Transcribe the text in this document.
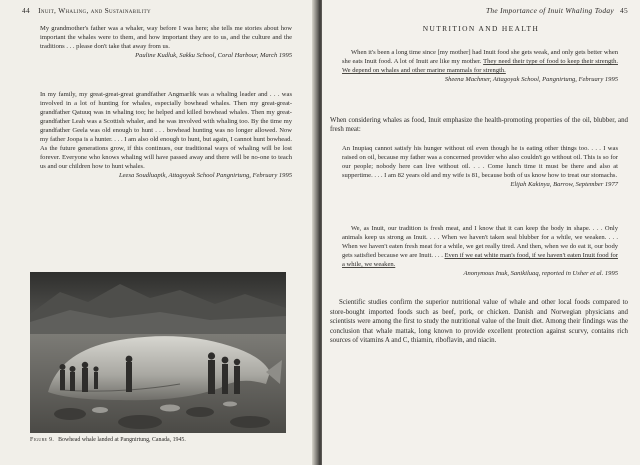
44 Inuit, Whaling, and Sustainability

My grandmother's father was a whaler, way before I was here; she tells me stories about how important the whales were to them, and how important they are to us, and the culture and the traditions . . . please don't take that away from us.

Pauline Kudluk, Sakku School, Coral Harbour, March 1995

In my family, my great-great-great grandfather Angmarlik was a whaling leader and . . . was involved in a lot of hunting for whales, especially bowhead whales. Then my great-great-grandfather Qatuuq was in whaling too; he helped and killed bowhead whales. Then my great-grandfather Leah was a Scottish whaler, and he was involved with whaling too. By the time my grandfather Geela was old enough to hunt . . . bowhead hunting was no longer allowed. Now my father Joopa is a hunter. . . . I am also old enough to hunt, but again, I cannot hunt bowhead. As the future generations grow, if this continues, our traditional ways of whaling will be lost forever. Everyone who knows whaling will have passed away and there will be no-one to teach us and our children how to hunt whales.

Leesa Soudluapik, Attagoyak School Pangnirtung, February 1995

Figure 9. Bowhead whale landed at Pangnirtung, Canada, 1945.
The Importance of Inuit Whaling Today 45
NUTRITION AND HEALTH

When it's been a long time since [my mother] had Inuit food she gets weak, and only gets better when she eats Inuit food. A lot of Inuit are like my mother. They need their type of food to keep their strength. We depend on whales and other marine mammals for strength.

Sheena Machmer, Attagoyak School, Pangnirtung, February 1995

When considering whales as food, Inuit emphasize the health-promoting properties of the oil, blubber, and fresh meat:

An Inupiaq cannot satisfy his hunger without oil even though he is eating other things too. . . . I was raised on oil, because my father was a concerned provider who also couldn't go without oil. This is so for our people; nobody here can live without oil. . . . Come lunch time it must be there and also at suppertime. . . . I am 82 years old and my wife is 81, because both of us know how to treat our stomachs.

Elijah Kakinya, Barrow, September 1977

We, as Inuit, our tradition is fresh meat, and I know that it can keep the body in shape. . . . Only animals keep us strong as Inuit. . . . When we haven't taken seal blubber for a while, we weaken. . . . When we haven't eaten fresh meat for a while, we get really tired. And then, when we do eat it, our body gets satisfied because we are Inuit. . . . Even if we eat white man's food, if we haven't eaten Inuit food for a while, we weaken.

Anonymous Inuk, Sanikiluaq, reported in Usher et al. 1995

Scientific studies confirm the superior nutritional value of whale and other local foods compared to store-bought imported foods such as beef, pork, or chicken. Danish and Norwegian physicians and scientists were among the first to study the nutritional value of the Inuit diet. Among their findings was the conclusion that whale mattak, long known to provide excellent protection against scurvy, contains rich sources of vitamins A and C, thiamin, riboflavin, and niacin.
